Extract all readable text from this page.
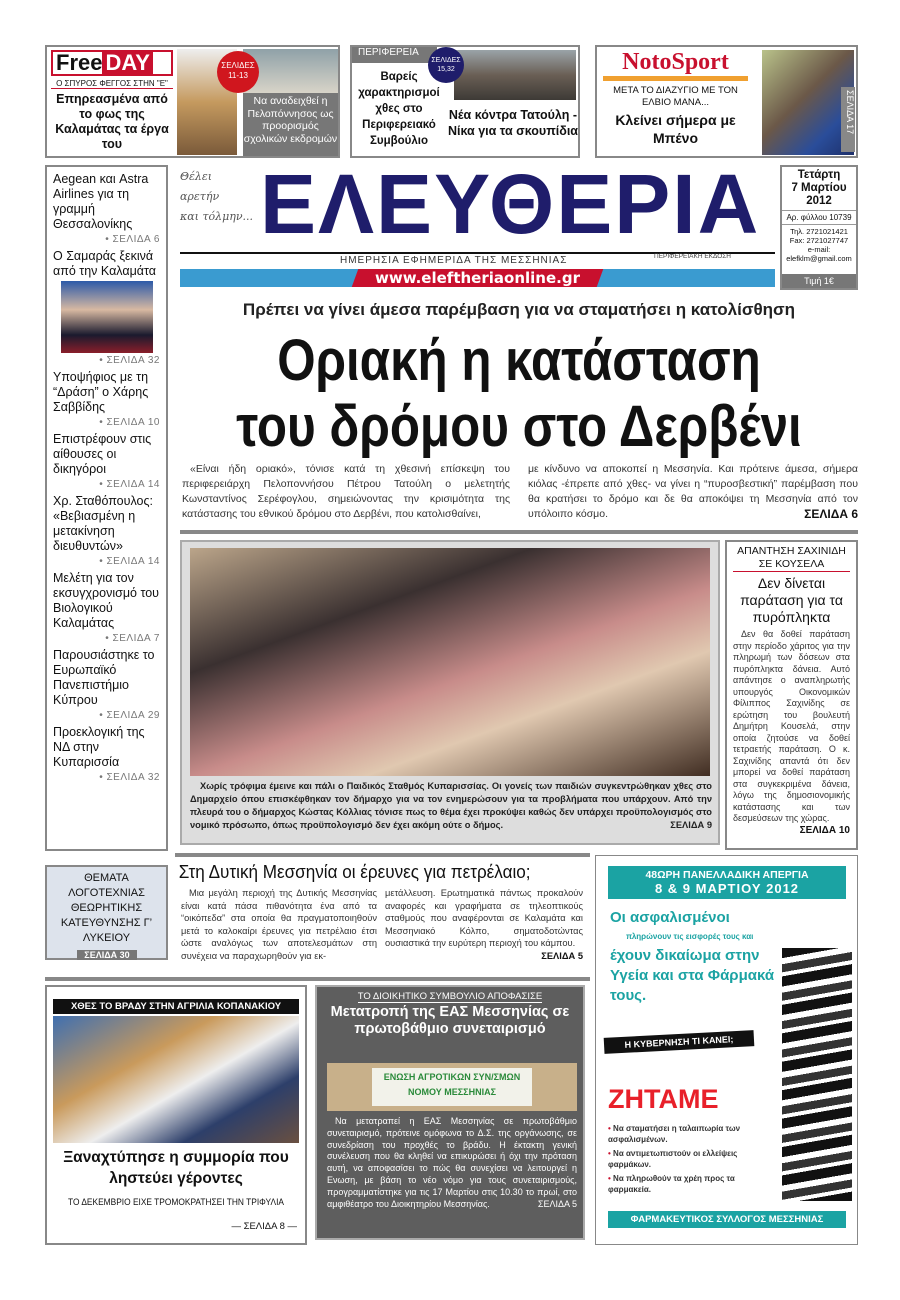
Free DAY
Ο ΣΠΥΡΟΣ ΦΕΓΓΟΣ ΣΤΗΝ "Ε"
Επηρεασμένα από το φως της Καλαμάτας τα έργα του
ΣΕΛΙΔΕΣ 11-13
Να αναδειχθεί η Πελοπόννησος ως προορισμός σχολικών εκδρομών
ΠΕΡΙΦΕΡΕΙΑ
ΣΕΛΙΔΕΣ 15,32
Βαρείς χαρακτηρισμοί χθες στο Περιφερειακό Συμβούλιο
Νέα κόντρα Τατούλη - Νίκα για τα σκουπίδια
NotoSport
ΜΕΤΑ ΤΟ ΔΙΑΖΥΓΙΟ ΜΕ ΤΟΝ ΕΛΒΙΟ ΜΑΝΑ...
Κλείνει σήμερα με Μπένο
ΣΕΛΙΔΑ 17
Aegean και Astra Airlines για τη γραμμή Θεσσαλονίκης
• ΣΕΛΙΔΑ 6
Ο Σαμαράς ξεκινά από την Καλαμάτα
• ΣΕΛΙΔΑ 32
Υποψήφιος με τη “Δράση” ο Χάρης Σαββίδης
• ΣΕΛΙΔΑ 10
Επιστρέφουν στις αίθουσες οι δικηγόροι
• ΣΕΛΙΔΑ 14
Χρ. Σταθόπουλος: «Βεβιασμένη η μετακίνηση διευθυντών»
• ΣΕΛΙΔΑ 14
Μελέτη για τον εκσυγχρονισμό του Βιολογικού Καλαμάτας
• ΣΕΛΙΔΑ 7
Παρουσιάστηκε το Ευρωπαϊκό Πανεπιστήμιο Κύπρου
• ΣΕΛΙΔΑ 29
Προεκλογική της ΝΔ στην Κυπαρισσία
• ΣΕΛΙΔΑ 32
Θέλει
αρετήν
και τόλμην... ΕΛΕΥΘΕΡΙΑ
ΗΜΕΡΗΣΙΑ ΕΦΗΜΕΡΙΔΑ ΤΗΣ ΜΕΣΣΗΝΙΑΣ	ΠΕΡΙΦΕΡΕΙΑΚΗ ΕΚΔΟΣΗ
www.eleftheriaonline.gr
Τετάρτη
7 Μαρτίου
2012
Αρ. φύλλου 10739
Τηλ. 2721021421
Fax: 2721027747
e-mail:
elefklm@gmail.com
Τιμή 1€
Πρέπει να γίνει άμεσα παρέμβαση για να σταματήσει η κατολίσθηση
Οριακή η κατάσταση
του δρόμου στο Δερβένι
«Είναι ήδη οριακό», τόνισε κατά τη χθεσινή επίσκεψη του περιφερειάρχη Πελοποννήσου Πέτρου Τατούλη ο μελετητής Κωνσταντίνος Σερέφογλου, σημειώνοντας την κρισιμότητα της κατάστασης του εθνικού δρόμου στο Δερβένι, που κατολισθαίνει,
με κίνδυνο να αποκοπεί η Μεσσηνία. Και πρότεινε άμεσα, σήμερα κιόλας -έπρεπε από χθες- να γίνει η “πυροσβεστική” παρέμβαση που θα κρατήσει το δρόμο και δε θα αποκόψει τη Μεσσηνία από τον υπόλοιπο κόσμο.	ΣΕΛΙΔΑ 6
Χωρίς τρόφιμα έμεινε και πάλι ο Παιδικός Σταθμός Κυπαρισσίας. Οι γονείς των παιδιών συγκεντρώθηκαν χθες στο Δημαρχείο όπου επισκέφθηκαν τον δήμαρχο για να τον ενημερώσουν για τα προβλήματα που υπάρχουν. Από την πλευρά του ο δήμαρχος Κώστας Κόλλιας τόνισε πως το θέμα έχει προκύψει καθώς δεν υπάρχει προϋπολογισμός στο νομικό πρόσωπο, όπως προϋπολογισμό δεν έχει ακόμη ούτε ο δήμος.	ΣΕΛΙΔΑ 9
ΑΠΑΝΤΗΣΗ ΣΑΧΙΝΙΔΗ ΣΕ ΚΟΥΣΕΛΑ
Δεν δίνεται παράταση για τα πυρόπληκτα
Δεν θα δοθεί παράταση στην περίοδο χάριτος για την πληρωμή των δόσεων στα πυρόπληκτα δάνεια. Αυτό απάντησε ο αναπληρωτής υπουργός Οικονομικών Φίλιππος Σαχινίδης σε ερώτηση του βουλευτή Δημήτρη Κουσελά, στην οποία ζητούσε να δοθεί τετραετής παράταση. Ο κ. Σαχινίδης απαντά ότι δεν μπορεί να δοθεί παράταση στα συγκεκριμένα δάνεια, λόγω της δημοσιονομικής κατάστασης και των δεσμεύσεων της χώρας.
ΣΕΛΙΔΑ 10
ΘΕΜΑΤΑ ΛΟΓΟΤΕΧΝΙΑΣ ΘΕΩΡΗΤΙΚΗΣ ΚΑΤΕΥΘΥΝΣΗΣ Γ’ ΛΥΚΕΙΟΥ
ΣΕΛΙΔΑ 30
Στη Δυτική Μεσσηνία οι έρευνες για πετρέλαιο;
Μια μεγάλη περιοχή της Δυτικής Μεσσηνίας είναι κατά πάσα πιθανότητα ένα από τα “οικόπεδα” στα οποία θα πραγματοποιηθούν μετά το καλοκαίρι έρευνες για πετρέλαιο έτσι ώστε αναλόγως των αποτελεσμάτων στη συνέχεια να παραχωρηθούν για εκ-
μετάλλευση. Ερωτηματικά πάντως προκαλούν αναφορές και γραφήματα σε τηλεοπτικούς σταθμούς που αναφέρονται σε Καλαμάτα και Μεσσηνιακό Κόλπο, σηματοδοτώντας ουσιαστικά την ευρύτερη περιοχή του κάμπου.
ΣΕΛΙΔΑ 5
ΧΘΕΣ ΤΟ ΒΡΑΔΥ ΣΤΗΝ ΑΓΡΙΛΙΑ ΚΟΠΑΝΑΚΙΟΥ
Ξαναχτύπησε η συμμορία που ληστεύει γέροντες
ΤΟ ΔΕΚΕΜΒΡΙΟ ΕΙΧΕ ΤΡΟΜΟΚΡΑΤΗΣΕΙ ΤΗΝ ΤΡΙΦΥΛΙΑ
— ΣΕΛΙΔΑ 8 —
ΤΟ ΔΙΟΙΚΗΤΙΚΟ ΣΥΜΒΟΥΛΙΟ ΑΠΟΦΑΣΙΣΕ
Μετατροπή της ΕΑΣ Μεσσηνίας σε πρωτοβάθμιο συνεταιρισμό
ΕΝΩΣΗ ΑΓΡΟΤΙΚΩΝ ΣΥΝ/ΣΜΩΝ
ΝΟΜΟΥ ΜΕΣΣΗΝΙΑΣ
Να μετατραπεί η ΕΑΣ Μεσσηνίας σε πρωτοβάθμιο συνεταιρισμό, πρότεινε ομόφωνα το Δ.Σ. της οργάνωσης, σε συνεδρίαση του προχθές το βράδυ. Η έκτακτη γενική συνέλευση που θα κληθεί να επικυρώσει ή όχι την πρόταση αυτή, να αποφασίσει το πώς θα συνεχίσει να λειτουργεί η Ενωση, με βάση το νέο νόμο για τους συνεταιρισμούς, προγραμματίστηκε για τις 17 Μαρτίου στις 10.30 το πρωί, στο αμφιθέατρο του Διοικητηρίου Μεσσηνίας.	ΣΕΛΙΔΑ 5
48ΩΡΗ ΠΑΝΕΛΛΑΔΙΚΗ ΑΠΕΡΓΙΑ
8 & 9 ΜΑΡΤΙΟΥ 2012
Οι ασφαλισμένοι
πληρώνουν τις εισφορές τους και
έχουν δικαίωμα στην Υγεία και στα Φάρμακά τους.
Η ΚΥΒΕΡΝΗΣΗ ΤΙ ΚΑΝΕΙ;
ΖΗΤΑΜΕ
• Να σταματήσει η ταλαιπωρία των ασφαλισμένων.
• Να αντιμετωπιστούν οι ελλείψεις φαρμάκων.
• Να πληρωθούν τα χρέη προς τα φαρμακεία.
ΦΑΡΜΑΚΕΥΤΙΚΟΣ ΣΥΛΛΟΓΟΣ ΜΕΣΣΗΝΙΑΣ
